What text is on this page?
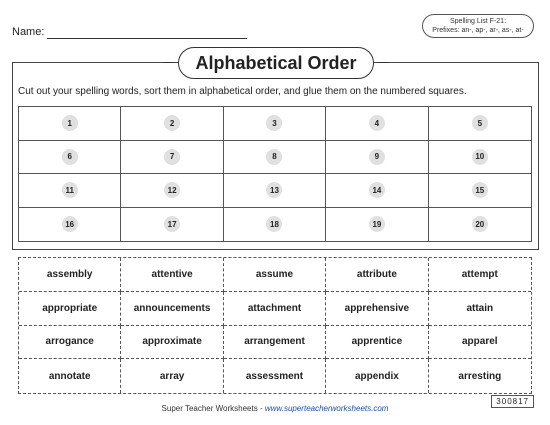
Name:
Spelling List F-21:
Prefixes: an-, ap-, ar-, as-, at-
Alphabetical Order
Cut out your spelling words, sort them in alphabetical order, and glue them on the numbered squares.
1	2	3	4	5
6	7	8	9	10
11	12	13	14	15
16	17	18	19	20
assembly	attentive	assume	attribute	attempt
appropriate	announcements	attachment	apprehensive	attain
arrogance	approximate	arrangement	apprentice	apparel
annotate	array	assessment	appendix	arresting
300817
Super Teacher Worksheets - www.superteacherworksheets.com
